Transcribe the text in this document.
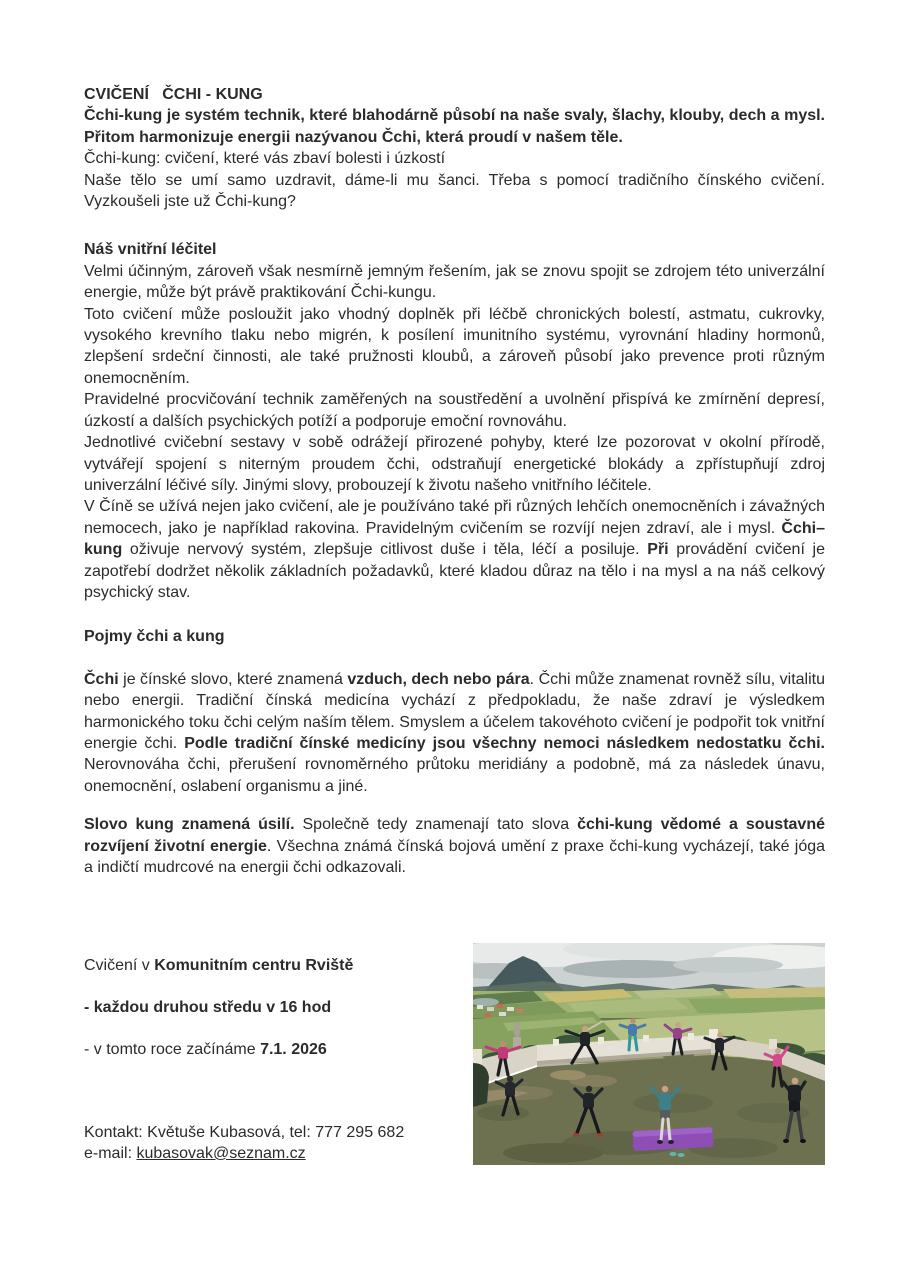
CVIČENÍ   ČCHI - KUNG

Čchi-kung je systém technik, které blahodárně působí na naše svaly, šlachy, klouby, dech a mysl. Přitom harmonizuje energii nazývanou Čchi, která proudí v našem těle.

Čchi-kung: cvičení, které vás zbaví bolesti i úzkostí

Naše tělo se umí samo uzdravit, dáme-li mu šanci. Třeba s pomocí tradičního čínského cvičení. Vyzkoušeli jste už Čchi-kung?

Náš vnitřní léčitel

Velmi účinným, zároveň však nesmírně jemným řešením, jak se znovu spojit se zdrojem této univerzální energie, může být právě praktikování Čchi-kungu.

Toto cvičení může posloužit jako vhodný doplněk při léčbě chronických bolestí, astmatu, cukrovky, vysokého krevního tlaku nebo migrén, k posílení imunitního systému, vyrovnání hladiny hormonů, zlepšení srdeční činnosti, ale také pružnosti kloubů, a zároveň působí jako prevence proti různým onemocněním.

Pravidelné procvičování technik zaměřených na soustředění a uvolnění přispívá ke zmírnění depresí, úzkostí a dalších psychických potíží a podporuje emoční rovnováhu.

Jednotlivé cvičební sestavy v sobě odrážejí přirozené pohyby, které lze pozorovat v okolní přírodě, vytvářejí spojení s niterným proudem čchi, odstraňují energetické blokády a zpřístupňují zdroj univerzální léčivé síly. Jinými slovy, probouzejí k životu našeho vnitřního léčitele.

V Číně se užívá nejen jako cvičení, ale je používáno také při různých lehčích onemocněních i závažných nemocech, jako je například rakovina. Pravidelným cvičením se rozvíjí nejen zdraví, ale i mysl. Čchi–kung oživuje nervový systém, zlepšuje citlivost duše i těla, léčí a posiluje. Při provádění cvičení je zapotřebí dodržet několik základních požadavků, které kladou důraz na tělo i na mysl a na náš celkový psychický stav.

Pojmy čchi a kung

Čchi je čínské slovo, které znamená vzduch, dech nebo pára. Čchi může znamenat rovněž sílu, vitalitu nebo energii. Tradiční čínská medicína vychází z předpokladu, že naše zdraví je výsledkem harmonického toku čchi celým naším tělem. Smyslem a účelem takovéhoto cvičení je podpořit tok vnitřní energie čchi. Podle tradiční čínské medicíny jsou všechny nemoci následkem nedostatku čchi. Nerovnováha čchi, přerušení rovnoměrného průtoku meridiány a podobně, má za následek únavu, onemocnění, oslabení organismu a jiné.

Slovo kung znamená úsilí. Společně tedy znamenají tato slova čchi-kung vědomé a soustavné rozvíjení životní energie. Všechna známá čínská bojová umění z praxe čchi-kung vycházejí, také jóga a indičtí mudrcové na energii čchi odkazovali.

Cvičení v Komunitním centru Rviště

- každou druhou středu v 16 hod

- v tomto roce začínáme 7.1. 2026

Kontakt: Květuše Kubasová, tel: 777 295 682

e-mail: kubasovak@seznam.cz
